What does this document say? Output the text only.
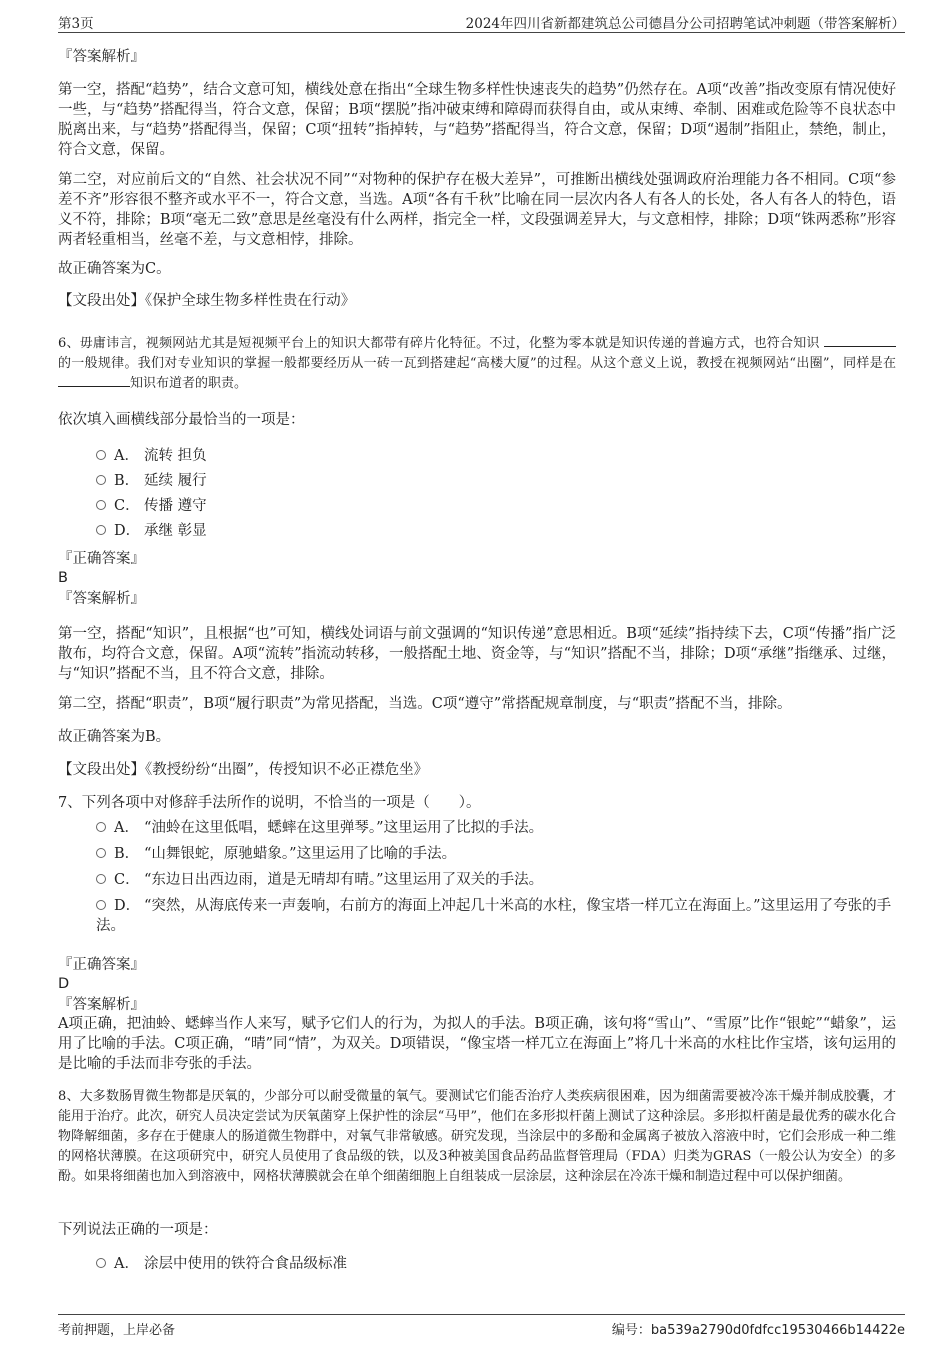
第3页	2024年四川省新都建筑总公司德昌分公司招聘笔试冲刺题（带答案解析）
『答案解析』
第一空，搭配“趋势”，结合文意可知，横线处意在指出“全球生物多样性快速丧失的趋势”仍然存在。A项“改善”指改变原有情况使好一些，与“趋势”搭配得当，符合文意，保留；B项“摆脱”指冲破束缚和障碍而获得自由，或从束缚、牵制、困难或危险等不良状态中脱离出来，与“趋势”搭配得当，保留；C项“扭转”指掉转，与“趋势”搭配得当，符合文意，保留；D项“遏制”指阻止，禁绝，制止，符合文意，保留。
第二空，对应前后文的“自然、社会状况不同”“对物种的保护存在极大差异”，可推断出横线处强调政府治理能力各不相同。C项“参差不齐”形容很不整齐或水平不一，符合文意，当选。A项“各有千秋”比喻在同一层次内各人有各人的长处，各人有各人的特色，语义不符，排除；B项“毫无二致”意思是丝毫没有什么两样，指完全一样，文段强调差异大，与文意相悖，排除；D项“铢两悉称”形容两者轻重相当，丝毫不差，与文意相悖，排除。
故正确答案为C。
【文段出处】《保护全球生物多样性贵在行动》
6、毋庸讳言，视频网站尤其是短视频平台上的知识大都带有碎片化特征。不过，化整为零本就是知识传递的普遍方式，也符合知识  的一般规律。我们对专业知识的掌握一般都要经历从一砖一瓦到搭建起“高楼大厦”的过程。从这个意义上说，教授在视频网站“出圈”，同样是在 知识布道者的职责。
依次填入画横线部分最恰当的一项是：
A． 流转 担负
B． 延续 履行
C． 传播 遵守
D． 承继 彰显
『正确答案』
B
『答案解析』
第一空，搭配“知识”，且根据“也”可知，横线处词语与前文强调的“知识传递”意思相近。B项“延续”指持续下去，C项“传播”指广泛散布，均符合文意，保留。A项“流转”指流动转移，一般搭配土地、资金等，与“知识”搭配不当，排除；D项“承继”指继承、过继，与“知识”搭配不当，且不符合文意，排除。
第二空，搭配“职责”，B项“履行职责”为常见搭配，当选。C项“遵守”常搭配规章制度，与“职责”搭配不当，排除。
故正确答案为B。
【文段出处】《教授纷纷“出圈”，传授知识不必正襟危坐》
7、下列各项中对修辞手法所作的说明，不恰当的一项是（　　）。
A． “油蛉在这里低唱，蟋蟀在这里弹琴。”这里运用了比拟的手法。
B． “山舞银蛇，原驰蜡象。”这里运用了比喻的手法。
C． “东边日出西边雨，道是无晴却有晴。”这里运用了双关的手法。
D． “突然，从海底传来一声轰响，右前方的海面上冲起几十米高的水柱，像宝塔一样兀立在海面上。”这里运用了夸张的手法。
『正确答案』
D
『答案解析』
A项正确，把油蛉、蟋蟀当作人来写，赋予它们人的行为，为拟人的手法。B项正确，该句将“雪山”、“雪原”比作“银蛇”“蜡象”，运用了比喻的手法。C项正确，“晴”同“情”，为双关。D项错误，“像宝塔一样兀立在海面上”将几十米高的水柱比作宝塔，该句运用的是比喻的手法而非夸张的手法。
8、大多数肠胃微生物都是厌氧的，少部分可以耐受微量的氧气。要测试它们能否治疗人类疾病很困难，因为细菌需要被冷冻干燥并制成胶囊，才能用于治疗。此次，研究人员决定尝试为厌氧菌穿上保护性的涂层“马甲”，他们在多形拟杆菌上测试了这种涂层。多形拟杆菌是最优秀的碳水化合物降解细菌，多存在于健康人的肠道微生物群中，对氧气非常敏感。研究发现，当涂层中的多酚和金属离子被放入溶液中时，它们会形成一种二维的网格状薄膜。在这项研究中，研究人员使用了食品级的铁，以及3种被美国食品药品监督管理局（FDA）归类为GRAS（一般公认为安全）的多酚。如果将细菌也加入到溶液中，网格状薄膜就会在单个细菌细胞上自组装成一层涂层，这种涂层在冷冻干燥和制造过程中可以保护细菌。
下列说法正确的一项是：
A． 涂层中使用的铁符合食品级标准
考前押题，上岸必备	编号：ba539a2790d0fdfcc19530466b14422e
